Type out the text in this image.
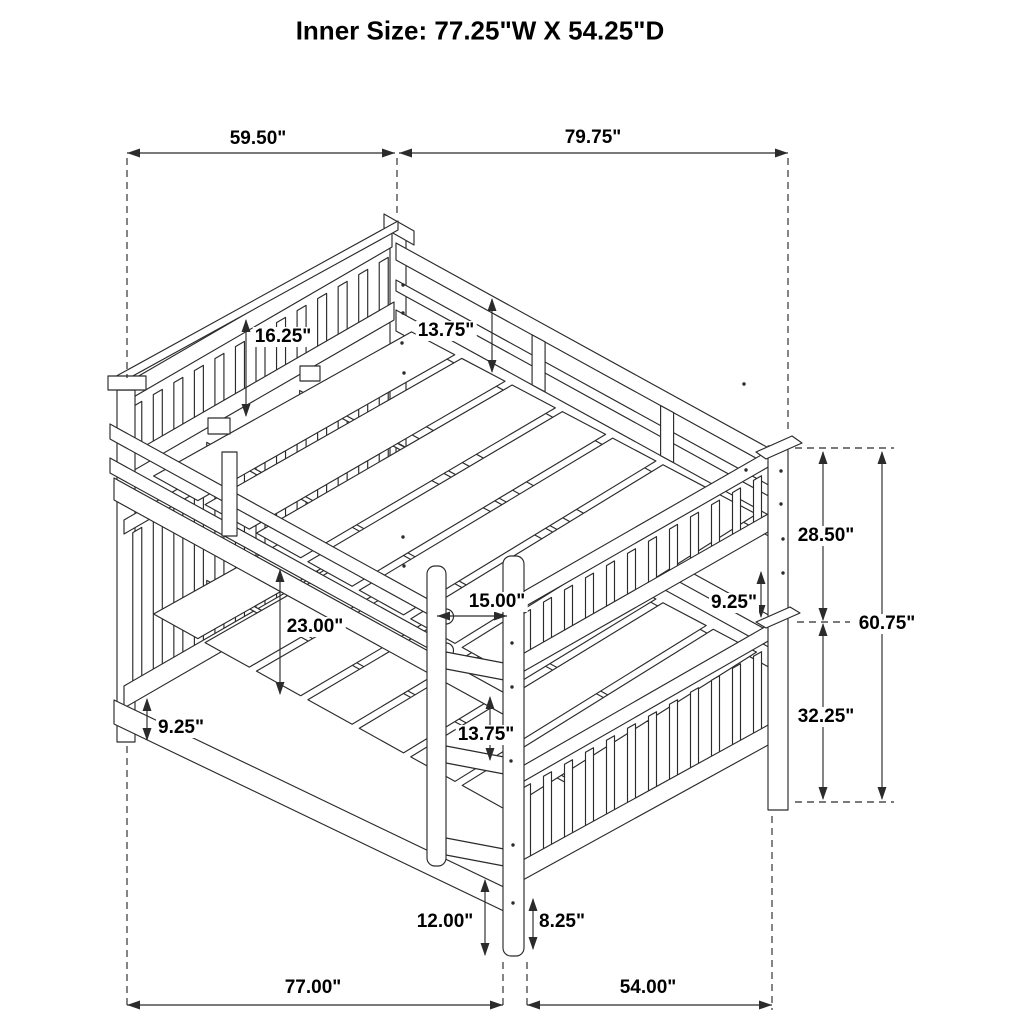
Inner Size: 77.25"W X 54.25"D
59.50"	79.75"
16.25"	13.75"
28.50"
9.25"
60.75"
32.25"
23.00"
15.00"
13.75"
9.25"
12.00"	8.25"
77.00"	54.00"
